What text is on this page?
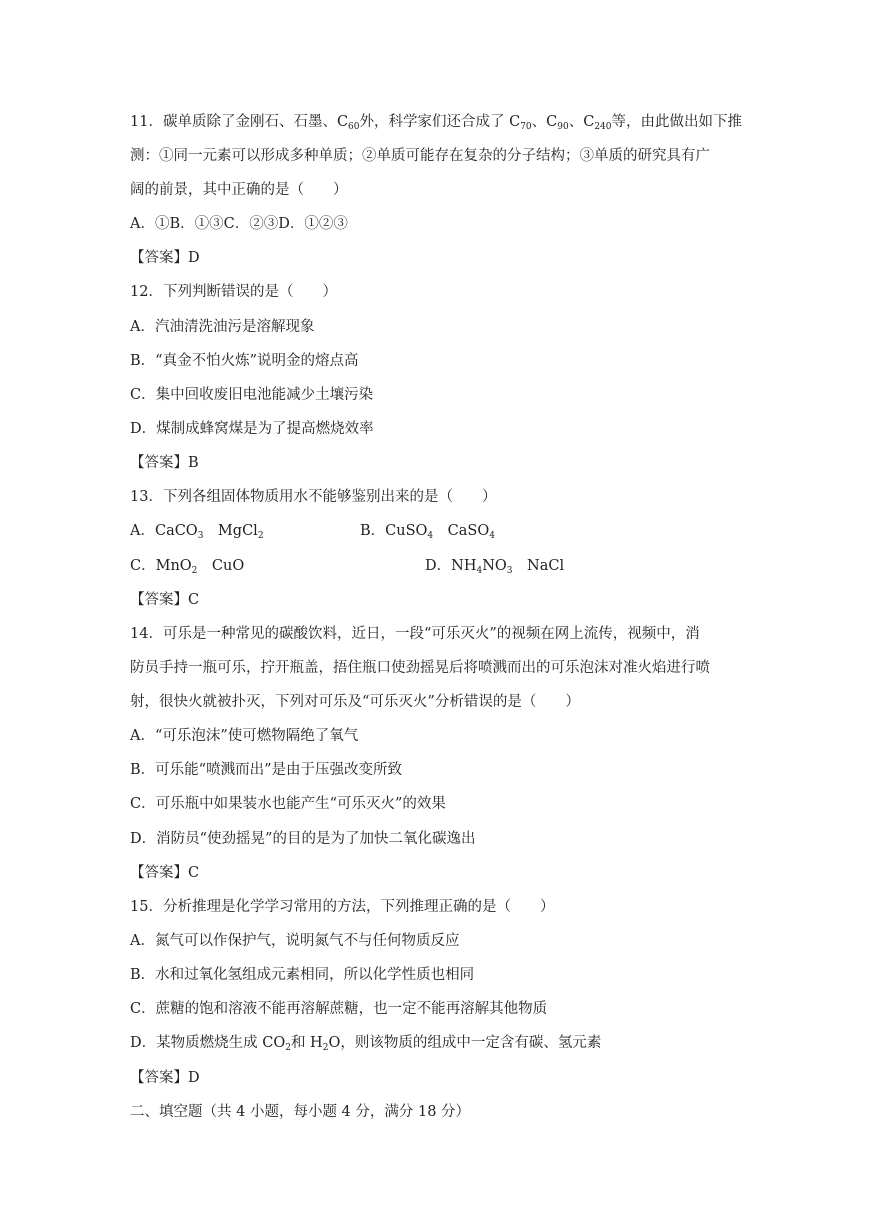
11．碳单质除了金刚石、石墨、$C_{60}$外，科学家们还合成了 $C_{70}$、$C_{90}$、$C_{240}$等，由此做出如下推
测：①同一元素可以形成多种单质；②单质可能存在复杂的分子结构；③单质的研究具有广
阔的前景，其中正确的是（　　）
A．①B．①③C．②③D．①②③
【答案】D
12．下列判断错误的是（　　）
A．汽油清洗油污是溶解现象
B．“真金不怕火炼”说明金的熔点高
C．集中回收废旧电池能减少土壤污染
D．煤制成蜂窝煤是为了提高燃烧效率
【答案】B
13．下列各组固体物质用水不能够鉴别出来的是（　　）
A．CaCO$_3$　MgCl$_2$	B．CuSO$_4$　CaSO$_4$
C．MnO$_2$　CuO	D．$NH_4NO_3$　NaCl
【答案】C
14．可乐是一种常见的碳酸饮料，近日，一段“可乐灭火”的视频在网上流传，视频中，消
防员手持一瓶可乐，拧开瓶盖，捂住瓶口使劲摇晃后将喷溅而出的可乐泡沫对准火焰进行喷
射，很快火就被扑灭，下列对可乐及“可乐灭火”分析错误的是（　　）
A．“可乐泡沫”使可燃物隔绝了氧气
B．可乐能“喷溅而出”是由于压强改变所致
C．可乐瓶中如果装水也能产生“可乐灭火”的效果
D．消防员“使劲摇晃”的目的是为了加快二氧化碳逸出
【答案】C
15．分析推理是化学学习常用的方法，下列推理正确的是（　　）
A．氮气可以作保护气，说明氮气不与任何物质反应
B．水和过氧化氢组成元素相同，所以化学性质也相同
C．蔗糖的饱和溶液不能再溶解蔗糖，也一定不能再溶解其他物质
D．某物质燃烧生成 $CO_2$和 $H_2O$，则该物质的组成中一定含有碳、氢元素
【答案】D
二、填空题（共 4 小题，每小题 4 分，满分 18 分）
